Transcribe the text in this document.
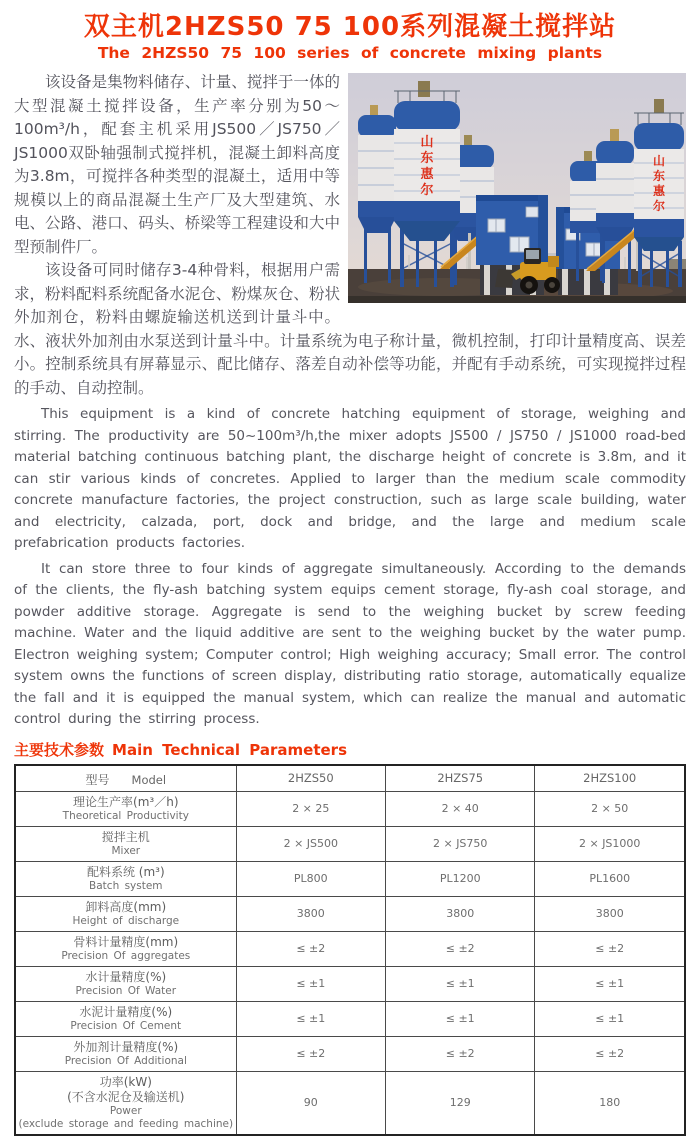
双主机2HZS50 75 100系列混凝土搅拌站
The 2HZS50 75 100 series of concrete mixing plants
山
东
惠
尔
山
东
惠
尔

该设备是集物料储存、计量、搅拌于一体的大型混凝土搅拌设备，生产率分别为50～100m³/h，配套主机采用JS500／JS750／JS1000双卧轴强制式搅拌机，混凝土卸料高度为3.8m，可搅拌各种类型的混凝土，适用中等规模以上的商品混凝土生产厂及大型建筑、水电、公路、港口、码头、桥梁等工程建设和大中型预制件厂。

该设备可同时储存3-4种骨料，根据用户需求，粉料配料系统配备水泥仓、粉煤灰仓、粉状外加剂仓，粉料由螺旋输送机送到计量斗中。水、液状外加剂由水泵送到计量斗中。计量系统为电子称计量，微机控制，打印计量精度高、误差小。控制系统具有屏幕显示、配比储存、落差自动补偿等功能，并配有手动系统，可实现搅拌过程的手动、自动控制。

This equipment is a kind of concrete hatching equipment of storage, weighing and stirring. The productivity are 50~100m³/h,the mixer adopts JS500 / JS750 / JS1000 road-bed material batching continuous batching plant, the discharge height of concrete is 3.8m, and it can stir various kinds of concretes. Applied to larger than the medium scale commodity concrete manufacture factories, the project construction, such as large scale building, water and electricity, calzada, port, dock and bridge, and the large and medium scale prefabrication products factories.

It can store three to four kinds of aggregate simultaneously. According to the demands of the clients, the fly-ash batching system equips cement storage, fly-ash coal storage, and powder additive storage. Aggregate is send to the weighing bucket by screw feeding machine. Water and the liquid additive are sent to the weighing bucket by the water pump. Electron weighing system; Computer control; High weighing accuracy; Small error. The control system owns the functions of screen display, distributing ratio storage, automatically equalize the fall and it is equipped the manual system, which can realize the manual and automatic control during the stirring process.

主要技术参数 Main Technical Parameters
型号 Model	2HZS50	2HZS75	2HZS100

理论生产率(m³／h)
Theoretical Productivity	2 × 25	2 × 40	2 × 50

搅拌主机
Mixer	2 × JS500	2 × JS750	2 × JS1000

配料系统 (m³)
Batch system	PL800	PL1200	PL1600

卸料高度(mm)
Height of discharge	3800	3800	3800

骨料计量精度(mm)
Precision Of aggregates	≤ ±2	≤ ±2	≤ ±2

水计量精度(%)
Precision Of Water	≤ ±1	≤ ±1	≤ ±1

水泥计量精度(%)
Precision Of Cement	≤ ±1	≤ ±1	≤ ±1

外加剂计量精度(%)
Precision Of Additional	≤ ±2	≤ ±2	≤ ±2

功率(kW)
(不含水泥仓及输送机)
Power
(exclude storage and feeding machine)	90	129	180
